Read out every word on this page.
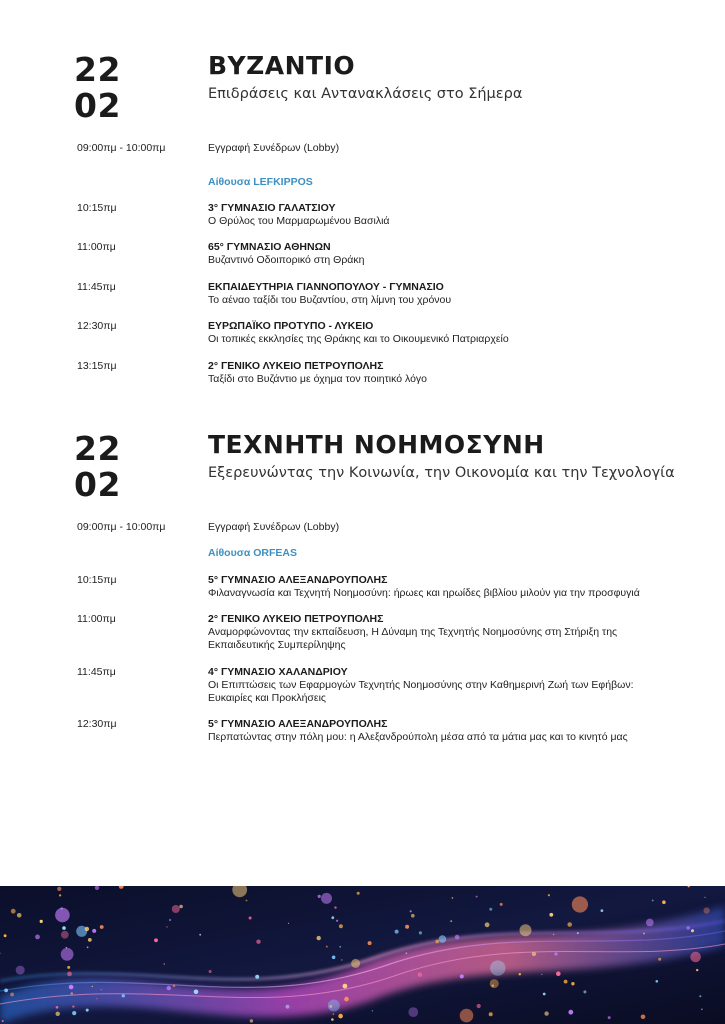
22
02
ΒΥΖΑΝΤΙΟ
Επιδράσεις και Αντανακλάσεις στο Σήμερα
09:00πμ - 10:00πμ	Εγγραφή Συνέδρων (Lobby)
Αίθουσα LEFKIPPOS
10:15πμ	3° ΓΥΜΝΑΣΙΟ ΓΑΛΑΤΣΙΟΥ
Ο Θρύλος του Μαρμαρωμένου Βασιλιά
11:00πμ	65° ΓΥΜΝΑΣΙΟ ΑΘΗΝΩΝ
Βυζαντινό Οδοιπορικό στη Θράκη
11:45πμ	ΕΚΠΑΙΔΕΥΤΗΡΙΑ ΓΙΑΝΝΟΠΟΥΛΟΥ - ΓΥΜΝΑΣΙΟ
Το αέναο ταξίδι του Βυζαντίου, στη λίμνη του χρόνου
12:30πμ	ΕΥΡΩΠΑΪΚΟ ΠΡΟΤΥΠΟ - ΛΥΚΕΙΟ
Οι τοπικές εκκλησίες της Θράκης και το Οικουμενικό Πατριαρχείο
13:15πμ	2° ΓΕΝΙΚΟ ΛΥΚΕΙΟ ΠΕΤΡΟΥΠΟΛΗΣ
Ταξίδι στο Βυζάντιο με όχημα τον ποιητικό λόγο
22
02
ΤΕΧΝΗΤΗ ΝΟΗΜΟΣΥΝΗ
Εξερευνώντας την Κοινωνία, την Οικονομία και την Τεχνολογία
09:00πμ - 10:00πμ	Εγγραφή Συνέδρων (Lobby)
Αίθουσα ORFEAS
10:15πμ	5° ΓΥΜΝΑΣΙΟ ΑΛΕΞΑΝΔΡΟΥΠΟΛΗΣ
Φιλαναγνωσία και Τεχνητή Νοημοσύνη: ήρωες και ηρωίδες βιβλίου μιλούν για την προσφυγιά
11:00πμ	2° ΓΕΝΙΚΟ ΛΥΚΕΙΟ ΠΕΤΡΟΥΠΟΛΗΣ
Αναμορφώνοντας την εκπαίδευση, Η Δύναμη της Τεχνητής Νοημοσύνης στη Στήριξη της Εκπαιδευτικής Συμπερίληψης
11:45πμ	4° ΓΥΜΝΑΣΙΟ ΧΑΛΑΝΔΡΙΟΥ
Οι Επιπτώσεις των Εφαρμογών Τεχνητής Νοημοσύνης στην Καθημερινή Ζωή των Εφήβων: Ευκαιρίες και Προκλήσεις
12:30πμ	5° ΓΥΜΝΑΣΙΟ ΑΛΕΞΑΝΔΡΟΥΠΟΛΗΣ
Περπατώντας στην πόλη μου: η Αλεξανδρούπολη μέσα από τα μάτια μας και το κινητό μας
